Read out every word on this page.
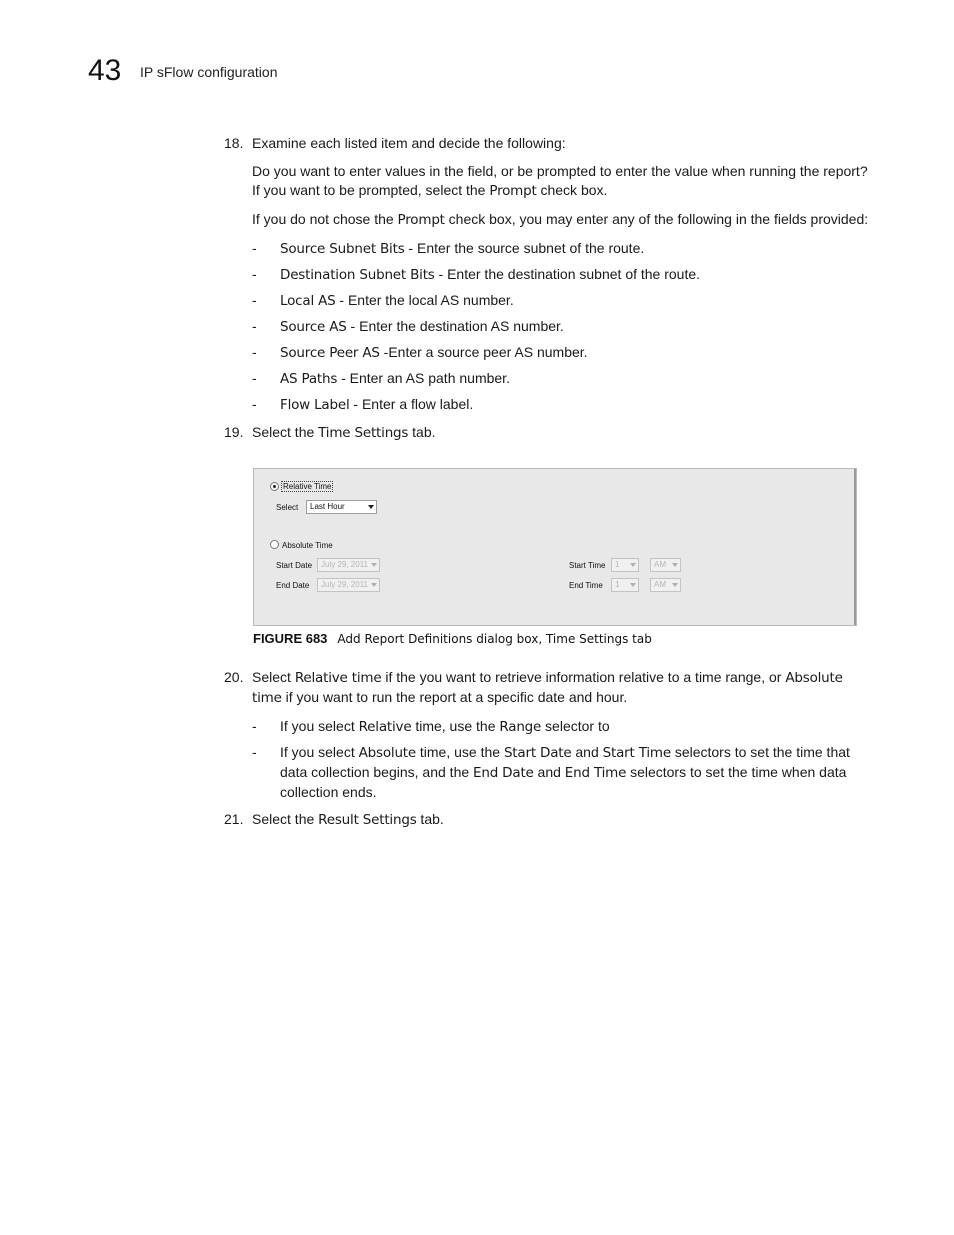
43 IP sFlow configuration

18. Examine each listed item and decide the following:

Do you want to enter values in the field, or be prompted to enter the value when running the report? If you want to be prompted, select the Prompt check box.

If you do not chose the Prompt check box, you may enter any of the following in the fields provided:

- Source Subnet Bits - Enter the source subnet of the route.
- Destination Subnet Bits - Enter the destination subnet of the route.
- Local AS - Enter the local AS number.
- Source AS - Enter the destination AS number.
- Source Peer AS -Enter a source peer AS number.
- AS Paths - Enter an AS path number.
- Flow Label - Enter a flow label.

19. Select the Time Settings tab.

Relative Time
Select	Last Hour
Absolute Time
Start Date	July 29, 2011
End Date	July 29, 2011
Start Time	1	AM
End Time	1	AM
FIGURE 683 Add Report Definitions dialog box, Time Settings tab

20. Select Relative time if the you want to retrieve information relative to a time range, or Absolute time if you want to run the report at a specific date and hour.

- If you select Relative time, use the Range selector to
- If you select Absolute time, use the Start Date and Start Time selectors to set the time that data collection begins, and the End Date and End Time selectors to set the time when data collection ends.

21. Select the Result Settings tab.
